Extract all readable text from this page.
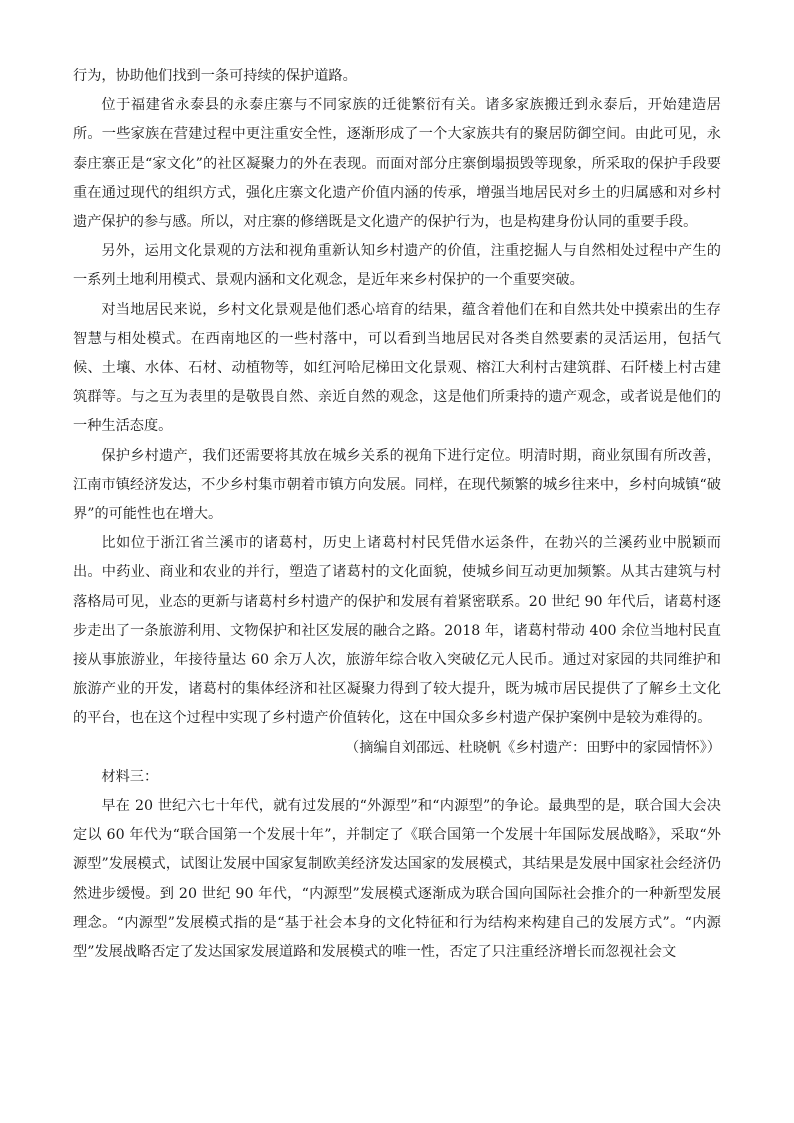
行为，协助他们找到一条可持续的保护道路。

位于福建省永泰县的永泰庄寨与不同家族的迁徙繁衍有关。诸多家族搬迁到永泰后，开始建造居所。一些家族在营建过程中更注重安全性，逐渐形成了一个大家族共有的聚居防御空间。由此可见，永泰庄寨正是“家文化”的社区凝聚力的外在表现。而面对部分庄寨倒塌损毁等现象，所采取的保护手段要重在通过现代的组织方式，强化庄寨文化遗产价值内涵的传承，增强当地居民对乡土的归属感和对乡村遗产保护的参与感。所以，对庄寨的修缮既是文化遗产的保护行为，也是构建身份认同的重要手段。

另外，运用文化景观的方法和视角重新认知乡村遗产的价值，注重挖掘人与自然相处过程中产生的一系列土地利用模式、景观内涵和文化观念，是近年来乡村保护的一个重要突破。

对当地居民来说，乡村文化景观是他们悉心培育的结果，蕴含着他们在和自然共处中摸索出的生存智慧与相处模式。在西南地区的一些村落中，可以看到当地居民对各类自然要素的灵活运用，包括气候、土壤、水体、石材、动植物等，如红河哈尼梯田文化景观、榕江大利村古建筑群、石阡楼上村古建筑群等。与之互为表里的是敬畏自然、亲近自然的观念，这是他们所秉持的遗产观念，或者说是他们的一种生活态度。

保护乡村遗产，我们还需要将其放在城乡关系的视角下进行定位。明清时期，商业氛围有所改善，江南市镇经济发达，不少乡村集市朝着市镇方向发展。同样，在现代频繁的城乡往来中，乡村向城镇“破界”的可能性也在增大。

比如位于浙江省兰溪市的诸葛村，历史上诸葛村村民凭借水运条件，在勃兴的兰溪药业中脱颖而出。中药业、商业和农业的并行，塑造了诸葛村的文化面貌，使城乡间互动更加频繁。从其古建筑与村落格局可见，业态的更新与诸葛村乡村遗产的保护和发展有着紧密联系。20 世纪 90 年代后，诸葛村逐步走出了一条旅游利用、文物保护和社区发展的融合之路。2018 年，诸葛村带动 400 余位当地村民直接从事旅游业，年接待量达 60 余万人次，旅游年综合收入突破亿元人民币。通过对家园的共同维护和旅游产业的开发，诸葛村的集体经济和社区凝聚力得到了较大提升，既为城市居民提供了了解乡土文化的平台，也在这个过程中实现了乡村遗产价值转化，这在中国众多乡村遗产保护案例中是较为难得的。

（摘编自刘邵远、杜晓帆《乡村遗产：田野中的家园情怀》）

材料三：

早在 20 世纪六七十年代，就有过发展的“外源型”和“内源型”的争论。最典型的是，联合国大会决定以 60 年代为“联合国第一个发展十年”，并制定了《联合国第一个发展十年国际发展战略》，采取“外源型”发展模式，试图让发展中国家复制欧美经济发达国家的发展模式，其结果是发展中国家社会经济仍然进步缓慢。到 20 世纪 90 年代，“内源型”发展模式逐渐成为联合国向国际社会推介的一种新型发展理念。“内源型”发展模式指的是“基于社会本身的文化特征和行为结构来构建自己的发展方式”。“内源型”发展战略否定了发达国家发展道路和发展模式的唯一性，否定了只注重经济增长而忽视社会文
